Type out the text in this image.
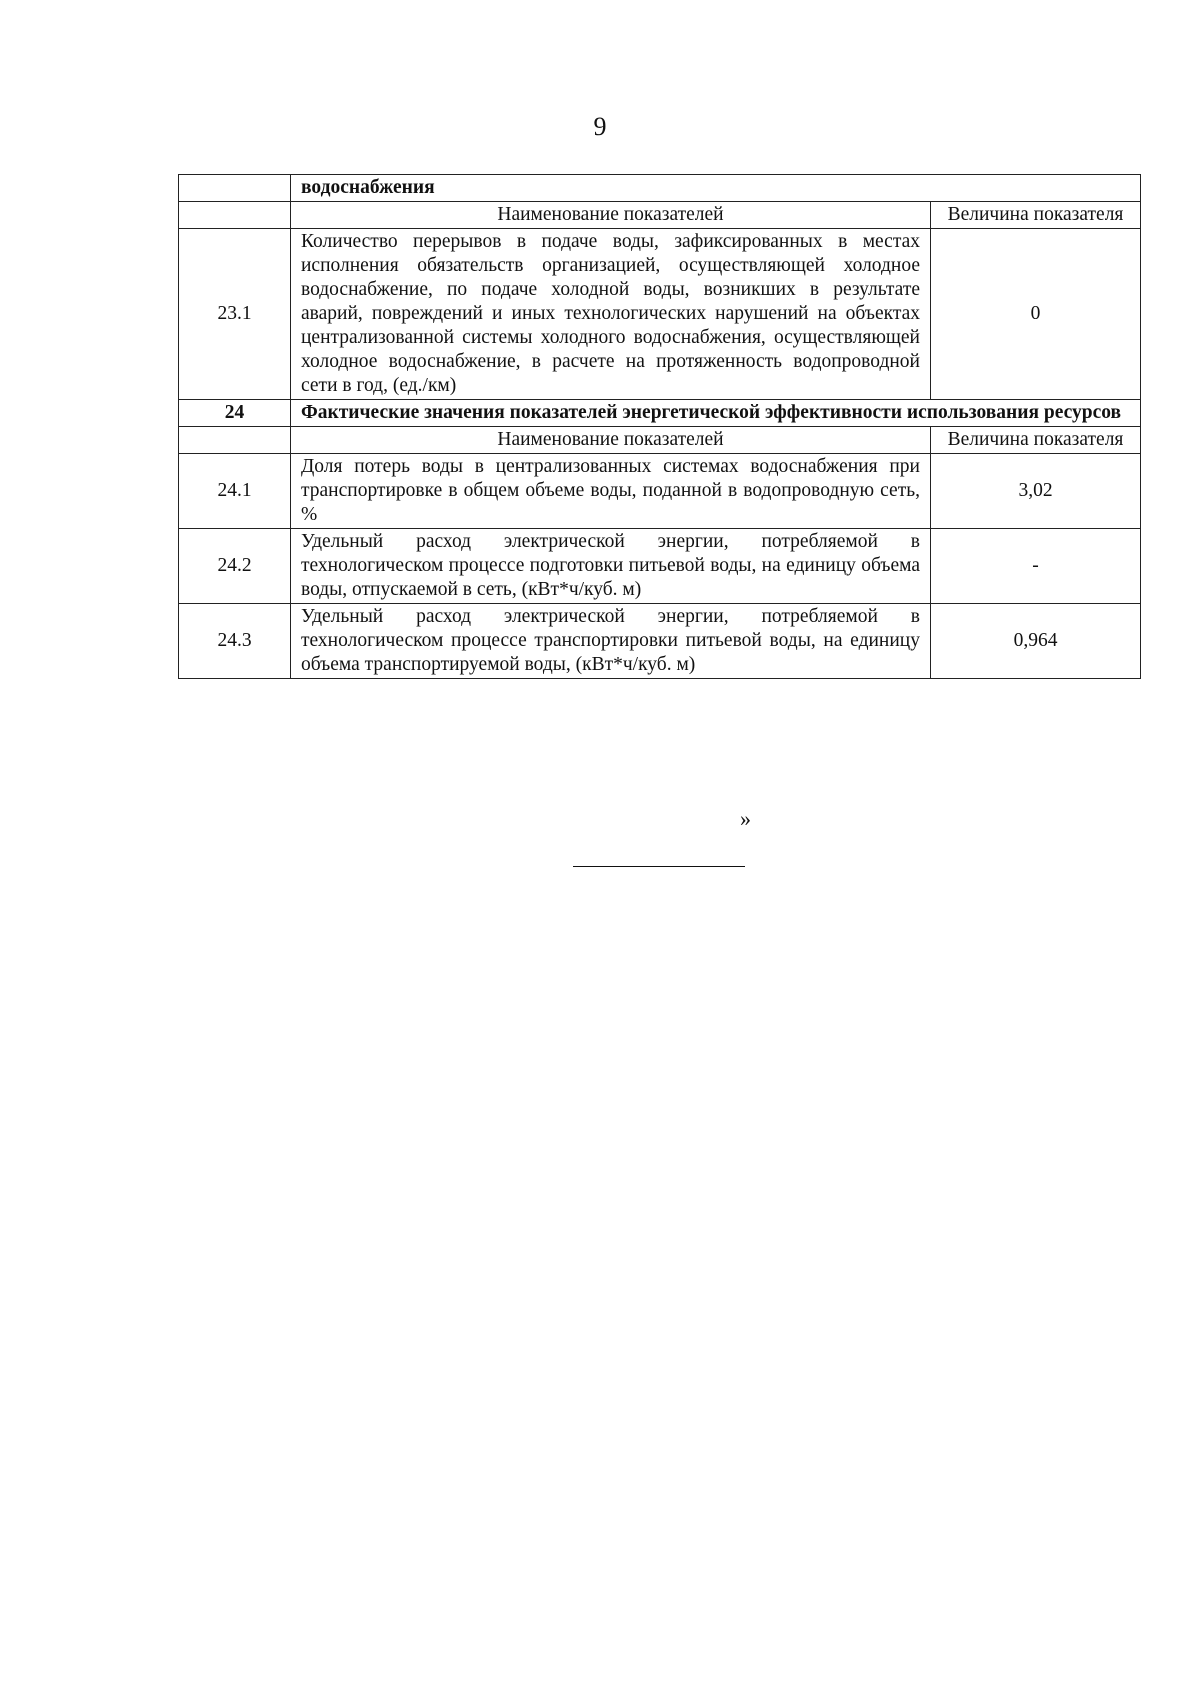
9
	водоснабжения	
	Наименование показателей	Величина показателя
23.1	Количество перерывов в подаче воды, зафиксированных в местах исполнения обязательств организацией, осуществляющей холодное водоснабжение, по подаче холодной воды, возникших в результате аварий, повреждений и иных технологических нарушений на объектах централизованной системы холодного водоснабжения, осуществляющей холодное водоснабжение, в расчете на протяженность водопроводной сети в год, (ед./км)	0
24	Фактические значения показателей энергетической эффективности использования ресурсов	
	Наименование показателей	Величина показателя
24.1	Доля потерь воды в централизованных системах водоснабжения при транспортировке в общем объеме воды, поданной в водопроводную сеть, %	3,02
24.2	Удельный расход электрической энергии, потребляемой в технологическом процессе подготовки питьевой воды, на единицу объема воды, отпускаемой в сеть, (кВт*ч/куб. м)	-
24.3	Удельный расход электрической энергии, потребляемой в технологическом процессе транспортировки питьевой воды, на единицу объема транспортируемой воды, (кВт*ч/куб. м)	0,964
»
